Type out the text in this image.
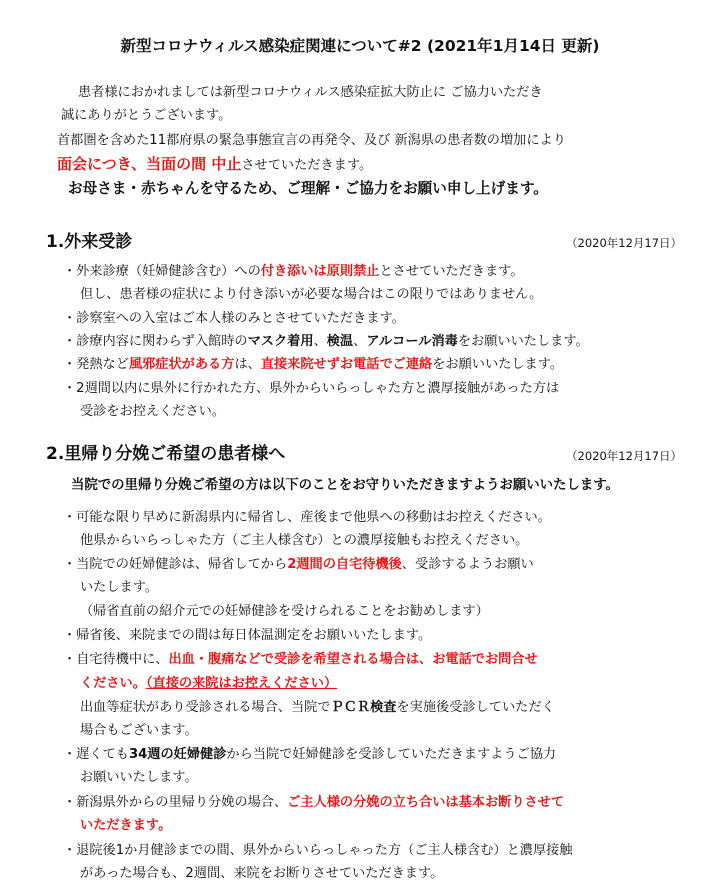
新型コロナウィルス感染症関連について#2 (2021年1月14日 更新)
患者様におかれましては新型コロナウィルス感染症拡大防止に ご協力いただき
誠にありがとうございます。
首都圏を含めた11都府県の緊急事態宣言の再発令、及び 新潟県の患者数の増加により
面会につき、当面の間 中止させていただきます。
お母さま・赤ちゃんを守るため、ご理解・ご協力をお願い申し上げます。
1.外来受診	（2020年12月17日）
・外来診療（妊婦健診含む）への付き添いは原則禁止とさせていただきます。
但し、患者様の症状により付き添いが必要な場合はこの限りではありません。
・診察室への入室はご本人様のみとさせていただきます。
・診療内容に関わらず入館時のマスク着用、検温、アルコール消毒をお願いいたします。
・発熱など風邪症状がある方は、直接来院せずお電話でご連絡をお願いいたします。
・2週間以内に県外に行かれた方、県外からいらっしゃた方と濃厚接触があった方は
受診をお控えください。
2.里帰り分娩ご希望の患者様へ	（2020年12月17日）
当院での里帰り分娩ご希望の方は以下のことをお守りいただきますようお願いいたします。
・可能な限り早めに新潟県内に帰省し、産後まで他県への移動はお控えください。
他県からいらっしゃた方（ご主人様含む）との濃厚接触もお控えください。
・当院での妊婦健診は、帰省してから2週間の自宅待機後、受診するようお願い
いたします。
（帰省直前の紹介元での妊婦健診を受けられることをお勧めします）
・帰省後、来院までの間は毎日体温測定をお願いいたします。
・自宅待機中に、出血・腹痛などで受診を希望される場合は、お電話でお問合せ
ください。（直接の来院はお控えください）
出血等症状があり受診される場合、当院でＰＣＲ検査を実施後受診していただく
場合もございます。
・遅くても34週の妊婦健診から当院で妊婦健診を受診していただきますようご協力
お願いいたします。
・新潟県外からの里帰り分娩の場合、ご主人様の分娩の立ち合いは基本お断りさせて
いただきます。
・退院後1か月健診までの間、県外からいらっしゃった方（ご主人様含む）と濃厚接触
があった場合も、2週間、来院をお断りさせていただきます。
